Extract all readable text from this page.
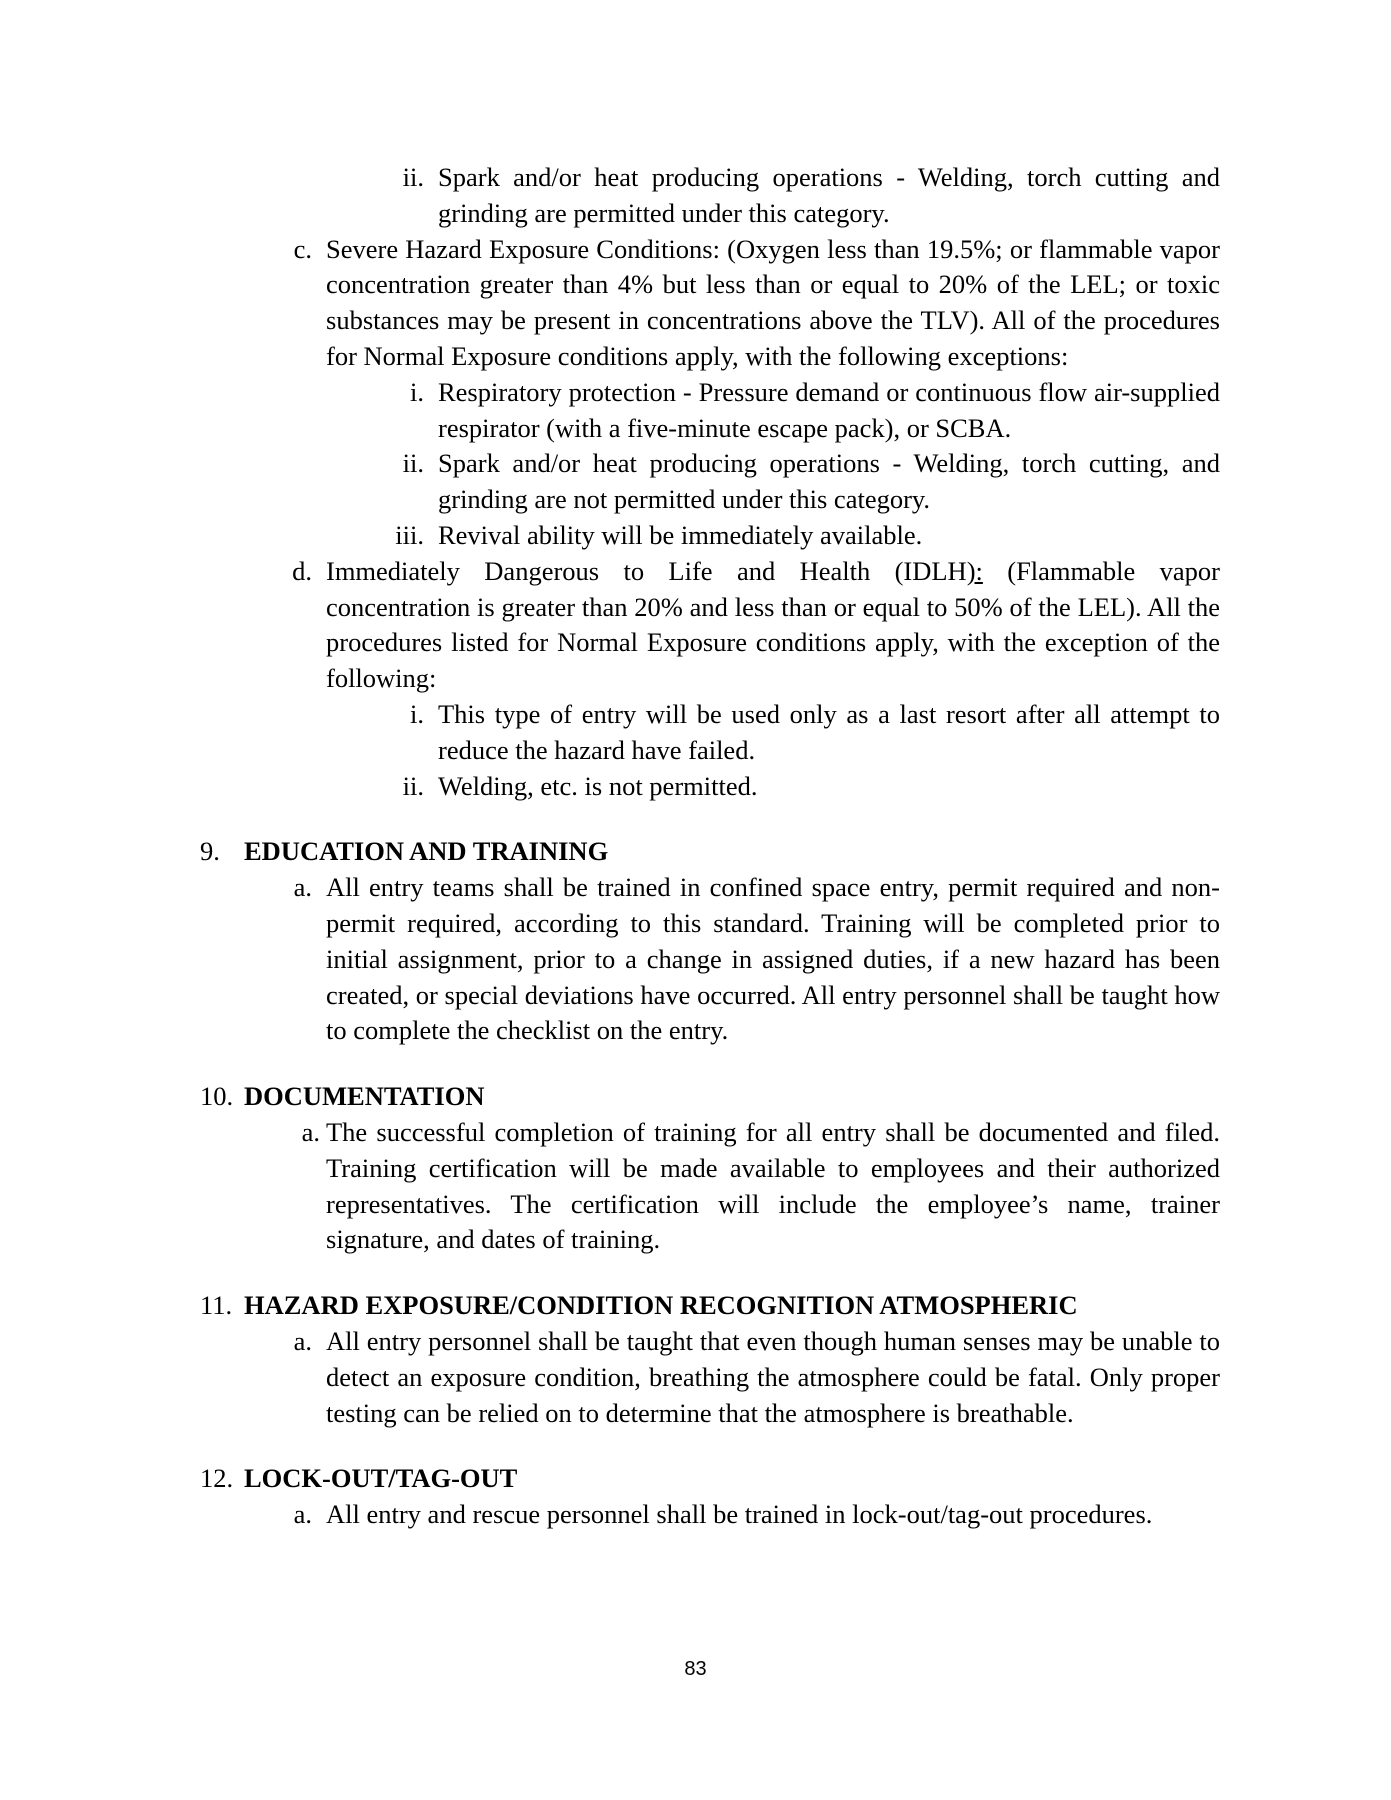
ii. Spark and/or heat producing operations - Welding, torch cutting and grinding are permitted under this category.
c. Severe Hazard Exposure Conditions: (Oxygen less than 19.5%; or flammable vapor concentration greater than 4% but less than or equal to 20% of the LEL; or toxic substances may be present in concentrations above the TLV). All of the procedures for Normal Exposure conditions apply, with the following exceptions:
i. Respiratory protection - Pressure demand or continuous flow air-supplied respirator (with a five-minute escape pack), or SCBA.
ii. Spark and/or heat producing operations - Welding, torch cutting, and grinding are not permitted under this category.
iii. Revival ability will be immediately available.
d. Immediately Dangerous to Life and Health (IDLH): (Flammable vapor concentration is greater than 20% and less than or equal to 50% of the LEL). All the procedures listed for Normal Exposure conditions apply, with the exception of the following:
i. This type of entry will be used only as a last resort after all attempt to reduce the hazard have failed.
ii. Welding, etc. is not permitted.
9. EDUCATION AND TRAINING
a. All entry teams shall be trained in confined space entry, permit required and non-permit required, according to this standard. Training will be completed prior to initial assignment, prior to a change in assigned duties, if a new hazard has been created, or special deviations have occurred. All entry personnel shall be taught how to complete the checklist on the entry.
10. DOCUMENTATION
a. The successful completion of training for all entry shall be documented and filed. Training certification will be made available to employees and their authorized representatives. The certification will include the employee’s name, trainer signature, and dates of training.
11. HAZARD EXPOSURE/CONDITION RECOGNITION ATMOSPHERIC
a. All entry personnel shall be taught that even though human senses may be unable to detect an exposure condition, breathing the atmosphere could be fatal. Only proper testing can be relied on to determine that the atmosphere is breathable.
12. LOCK-OUT/TAG-OUT
a. All entry and rescue personnel shall be trained in lock-out/tag-out procedures.
83
